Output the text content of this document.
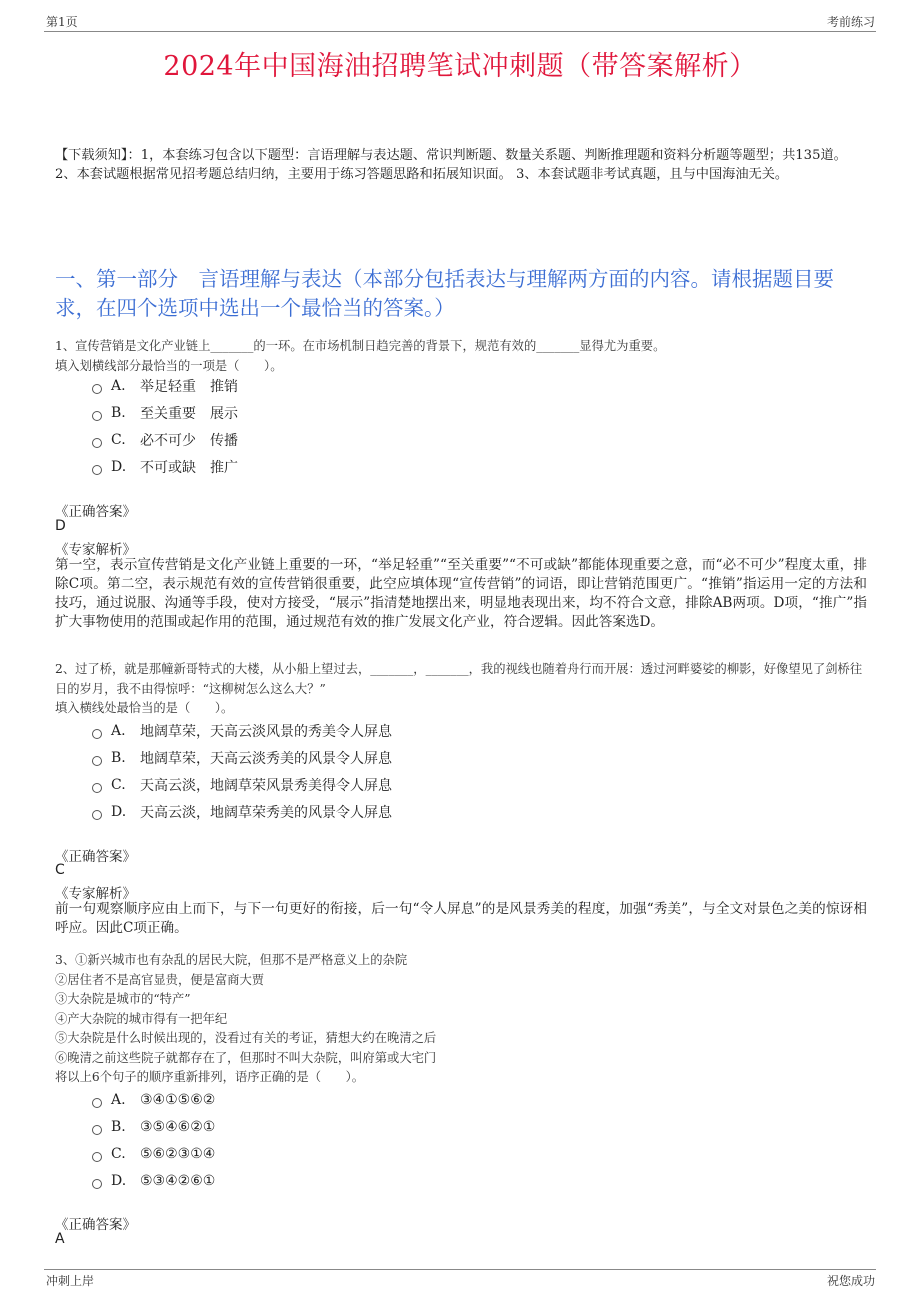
第1页	考前练习
2024年中国海油招聘笔试冲刺题（带答案解析）
【下载须知】：1，本套练习包含以下题型：言语理解与表达题、常识判断题、数量关系题、判断推理题和资料分析题等题型；共135道。 2、本套试题根据常见招考题总结归纳，主要用于练习答题思路和拓展知识面。 3、本套试题非考试真题，且与中国海油无关。
一、第一部分　言语理解与表达（本部分包括表达与理解两方面的内容。请根据题目要求，在四个选项中选出一个最恰当的答案。）
1、宣传营销是文化产业链上_______的一环。在市场机制日趋完善的背景下，规范有效的_______显得尤为重要。
填入划横线部分最恰当的一项是（　　）。
A.	举足轻重　推销
B.	至关重要　展示
C.	必不可少　传播
D. 不可或缺　推广
《正确答案》
D
《专家解析》
第一空，表示宣传营销是文化产业链上重要的一环，“举足轻重”“至关重要”“不可或缺”都能体现重要之意，而“必不可少”程度太重，排除C项。第二空，表示规范有效的宣传营销很重要，此空应填体现“宣传营销”的词语，即让营销范围更广。“推销”指运用一定的方法和技巧，通过说服、沟通等手段，使对方接受，“展示”指清楚地摆出来，明显地表现出来，均不符合文意，排除AB两项。D项，“推广”指扩大事物使用的范围或起作用的范围，通过规范有效的推广发展文化产业，符合逻辑。因此答案选D。
2、过了桥，就是那幢新哥特式的大楼，从小船上望过去，_______，_______，我的视线也随着舟行而开展：透过河畔婆娑的柳影，好像望见了剑桥往日的岁月，我不由得惊呼：“这柳树怎么这么大？”
填入横线处最恰当的是（　　）。
A.	地阔草荣，天高云淡风景的秀美令人屏息
B.	地阔草荣，天高云淡秀美的风景令人屏息
C.	天高云淡，地阔草荣风景秀美得令人屏息
D. 天高云淡，地阔草荣秀美的风景令人屏息
《正确答案》
C
《专家解析》
前一句观察顺序应由上而下，与下一句更好的衔接，后一句“令人屏息”的是风景秀美的程度，加强“秀美”，与全文对景色之美的惊讶相呼应。因此C项正确。
3、①新兴城市也有杂乱的居民大院，但那不是严格意义上的杂院
②居住者不是高官显贵，便是富商大贾
③大杂院是城市的“特产”
④产大杂院的城市得有一把年纪
⑤大杂院是什么时候出现的，没看过有关的考证，猜想大约在晚清之后
⑥晚清之前这些院子就都存在了，但那时不叫大杂院，叫府第或大宅门
将以上6个句子的顺序重新排列，语序正确的是（　　）。
A.	③④①⑤⑥②
B.	③⑤④⑥②①
C.	⑤⑥②③①④
D. ⑤③④②⑥①
《正确答案》
A
冲刺上岸	祝您成功
